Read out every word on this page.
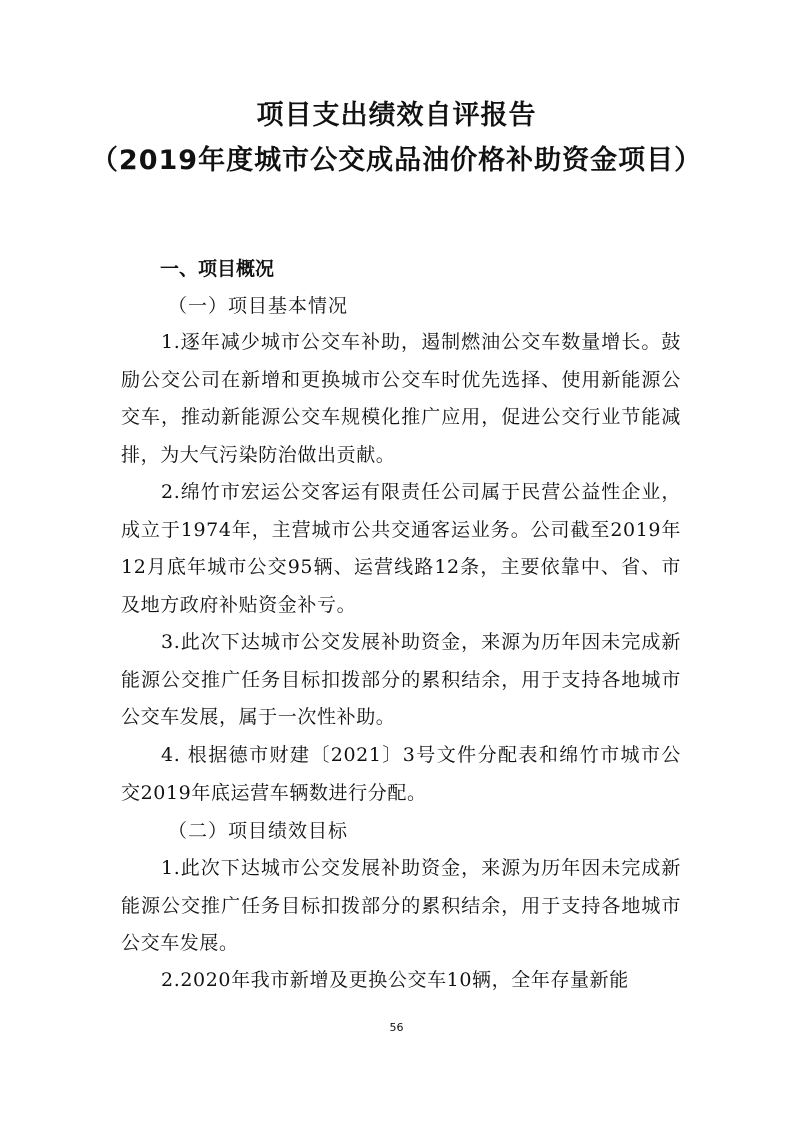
项目支出绩效自评报告
（2019年度城市公交成品油价格补助资金项目）
一、项目概况
（一）项目基本情况

1.逐年减少城市公交车补助，遏制燃油公交车数量增长。鼓励公交公司在新增和更换城市公交车时优先选择、使用新能源公交车，推动新能源公交车规模化推广应用，促进公交行业节能减排，为大气污染防治做出贡献。

2.绵竹市宏运公交客运有限责任公司属于民营公益性企业，成立于1974年，主营城市公共交通客运业务。公司截至2019年12月底年城市公交95辆、运营线路12条，主要依靠中、省、市及地方政府补贴资金补亏。

3.此次下达城市公交发展补助资金，来源为历年因未完成新能源公交推广任务目标扣拨部分的累积结余，用于支持各地城市公交车发展，属于一次性补助。

4. 根据德市财建〔2021〕3号文件分配表和绵竹市城市公交2019年底运营车辆数进行分配。

（二）项目绩效目标

1.此次下达城市公交发展补助资金，来源为历年因未完成新能源公交推广任务目标扣拨部分的累积结余，用于支持各地城市公交车发展。

2.2020年我市新增及更换公交车10辆，全年存量新能

56
